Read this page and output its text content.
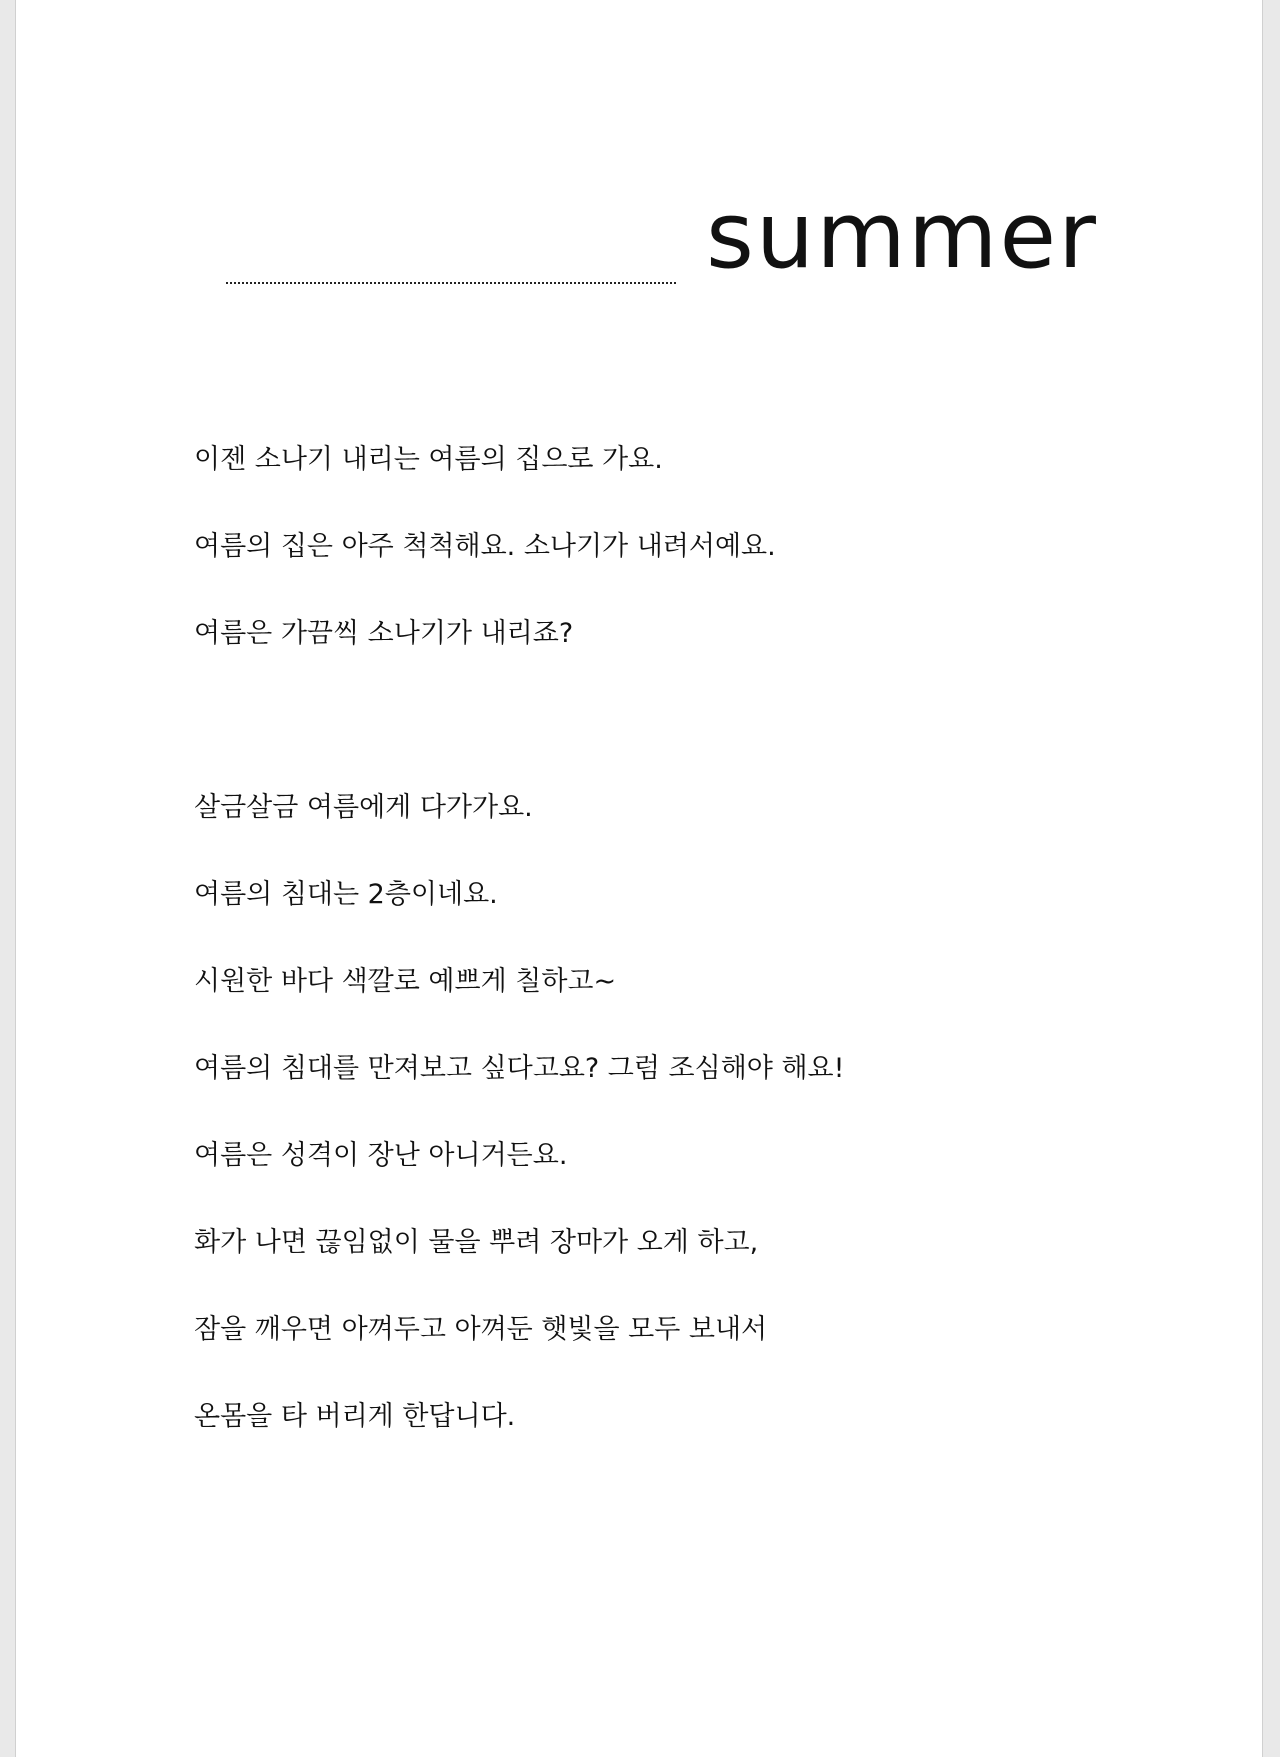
summer
이젠 소나기 내리는 여름의 집으로 가요.
여름의 집은 아주 척척해요. 소나기가 내려서예요.
여름은 가끔씩 소나기가 내리죠?
살금살금 여름에게 다가가요.
여름의 침대는 2층이네요.
시원한 바다 색깔로 예쁘게 칠하고~
여름의 침대를 만져보고 싶다고요? 그럼 조심해야 해요!
여름은 성격이 장난 아니거든요.
화가 나면 끊임없이 물을 뿌려 장마가 오게 하고,
잠을 깨우면 아껴두고 아껴둔 햇빛을 모두 보내서
온몸을 타 버리게 한답니다.
